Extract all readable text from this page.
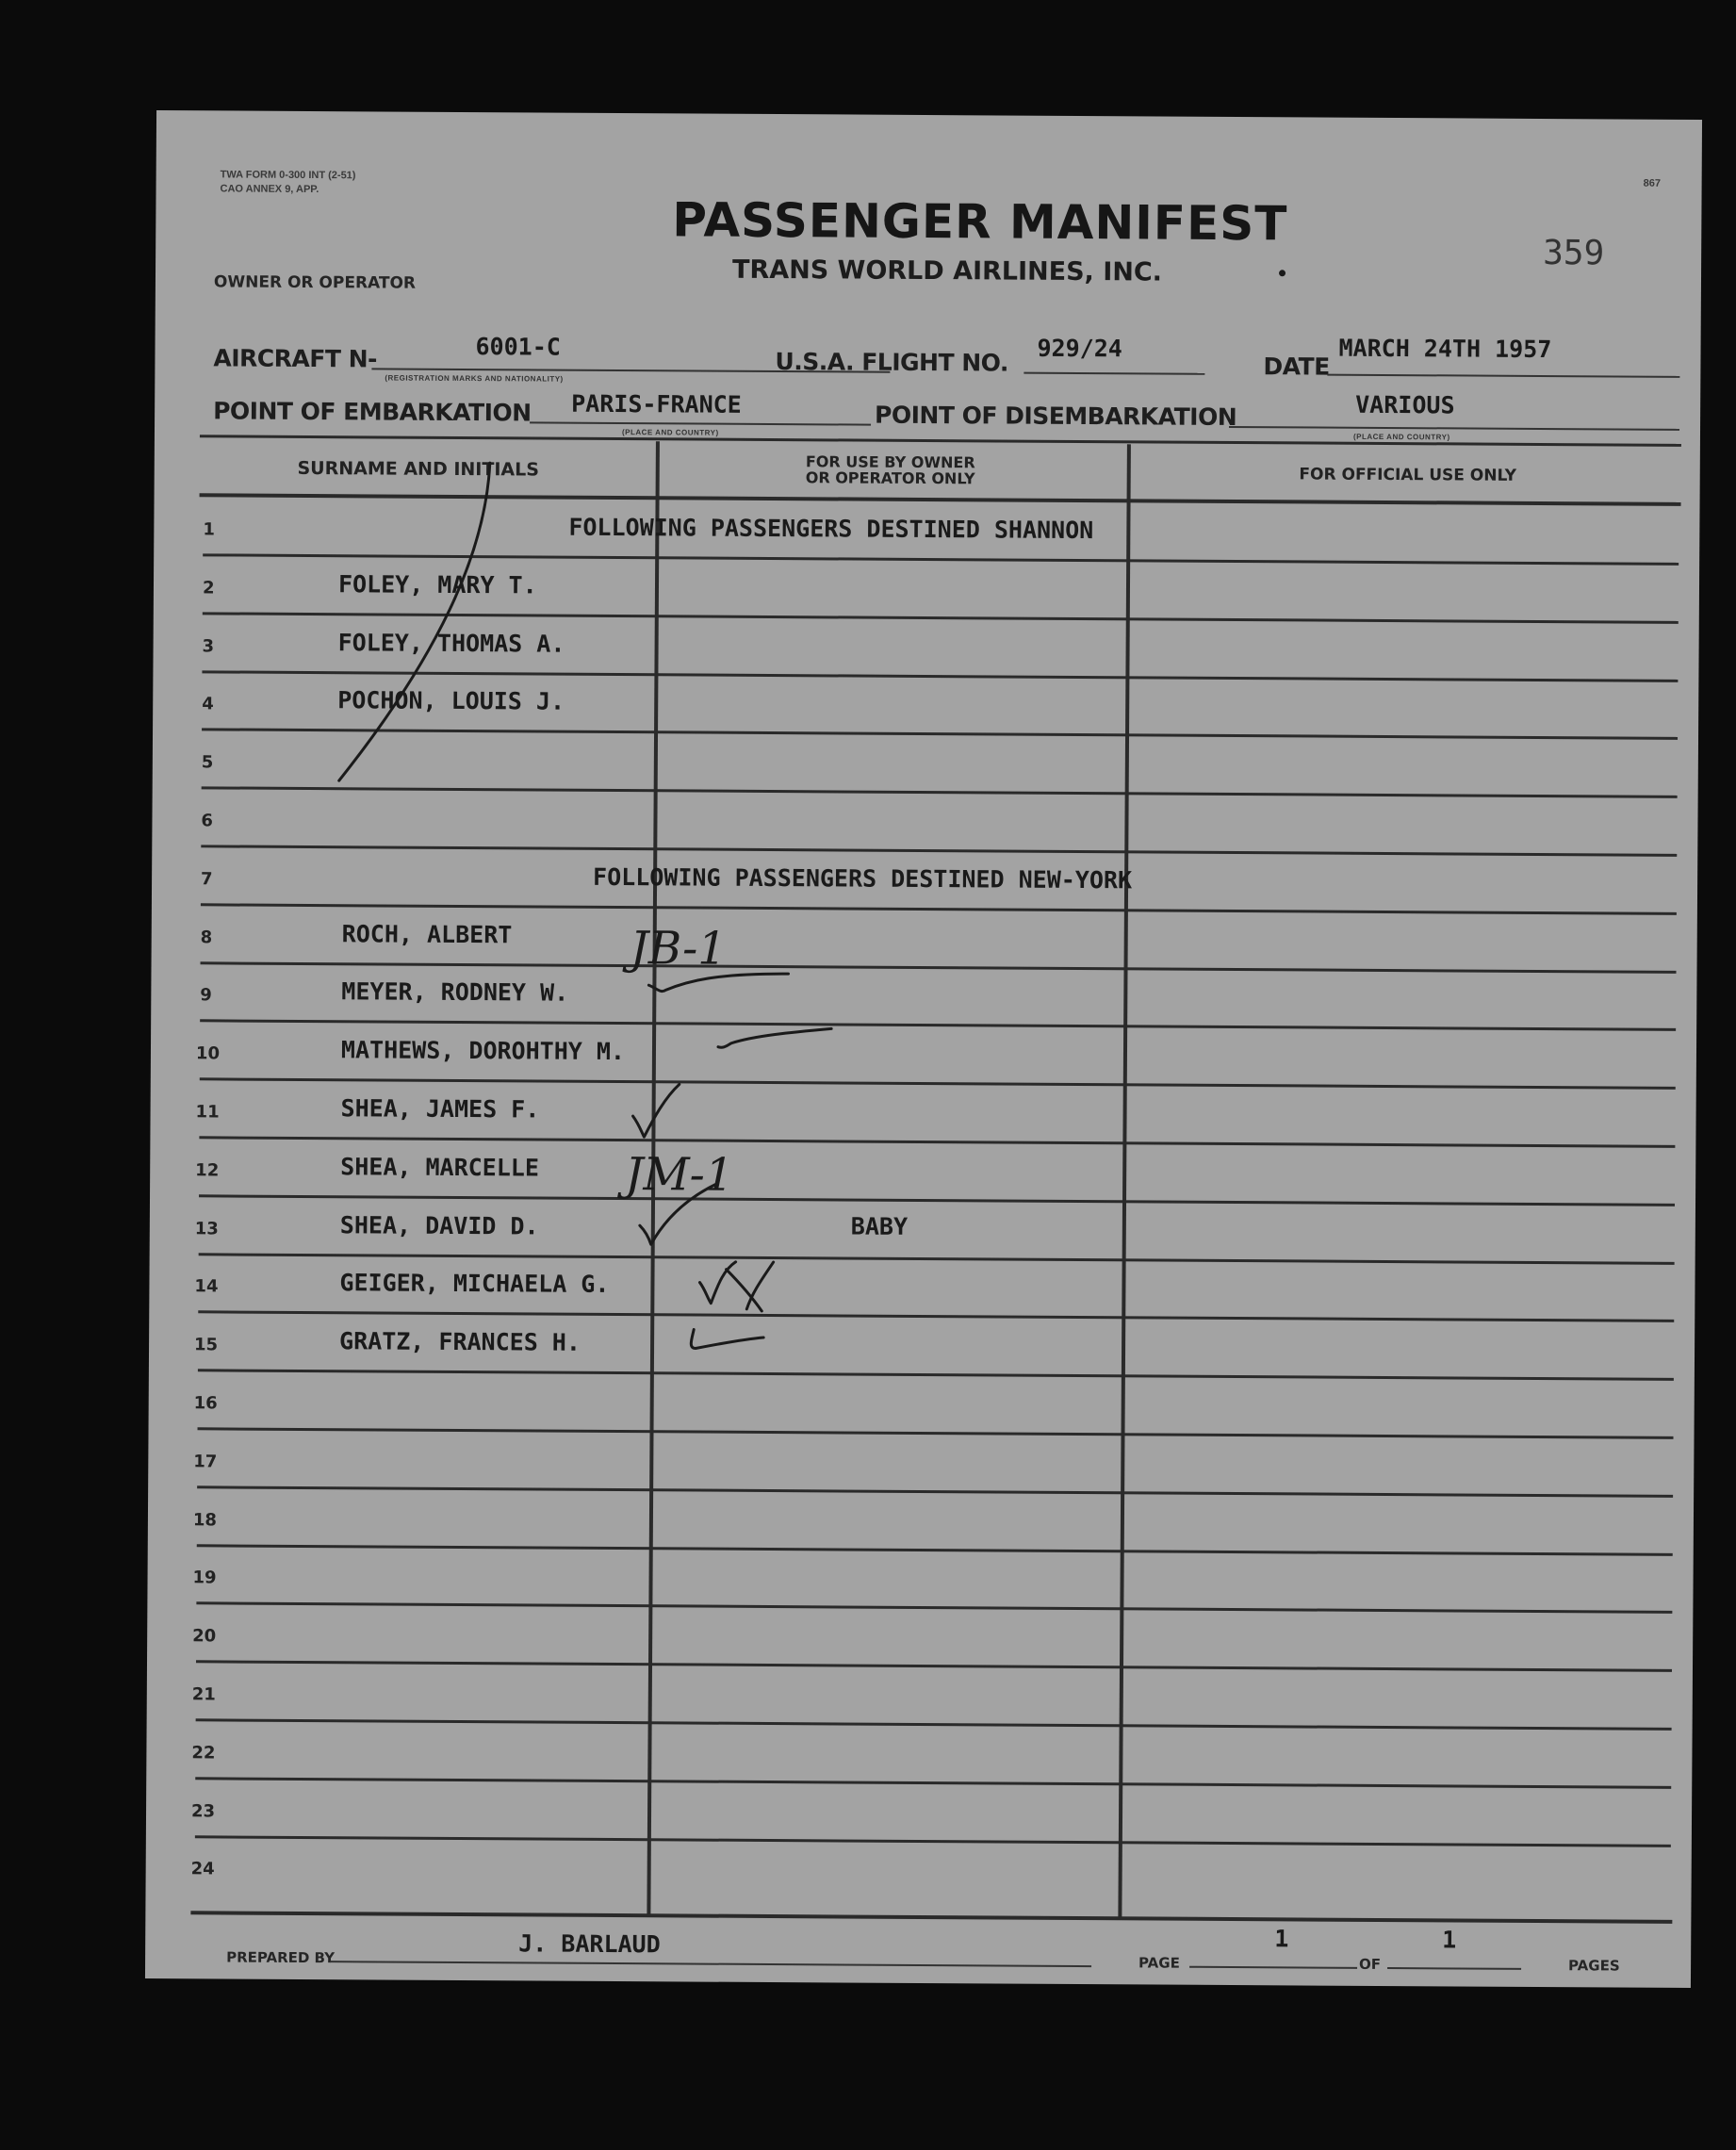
TWA FORM 0-300 INT (2-51)
CAO ANNEX 9, APP.	867
PASSENGER MANIFEST
TRANS WORLD AIRLINES, INC.	359
OWNER OR OPERATOR
AIRCRAFT N-	6001-C
(REGISTRATION MARKS AND NATIONALITY)
U.S.A. FLIGHT NO. 929/24
DATE
MARCH 24TH 1957
POINT OF EMBARKATION PARIS-FRANCE
(PLACE AND COUNTRY)
POINT OF DISEMBARKATION	VARIOUS
(PLACE AND COUNTRY)
SURNAME AND INITIALS	FOR USE BY OWNER
OR OPERATOR ONLY	FOR OFFICIAL USE ONLY
1	FOLLOWING PASSENGERS DESTINED SHANNON
2	FOLEY, MARY T.
3	FOLEY, THOMAS A.
4	POCHON, LOUIS J.
5
6
7	FOLLOWING PASSENGERS DESTINED NEW-YORK
8	ROCH, ALBERT
9	MEYER, RODNEY W.
10	MATHEWS, DOROHTHY M.
11	SHEA, JAMES F.
12	SHEA, MARCELLE
13	SHEA, DAVID D.	BABY
14	GEIGER, MICHAELA G.
15	GRATZ, FRANCES H.
16
17
18
19
20
21
22
23
24
PREPARED BY	J. BARLAUD
PAGE
1
OF
1
PAGES
JB-1
JM-1
